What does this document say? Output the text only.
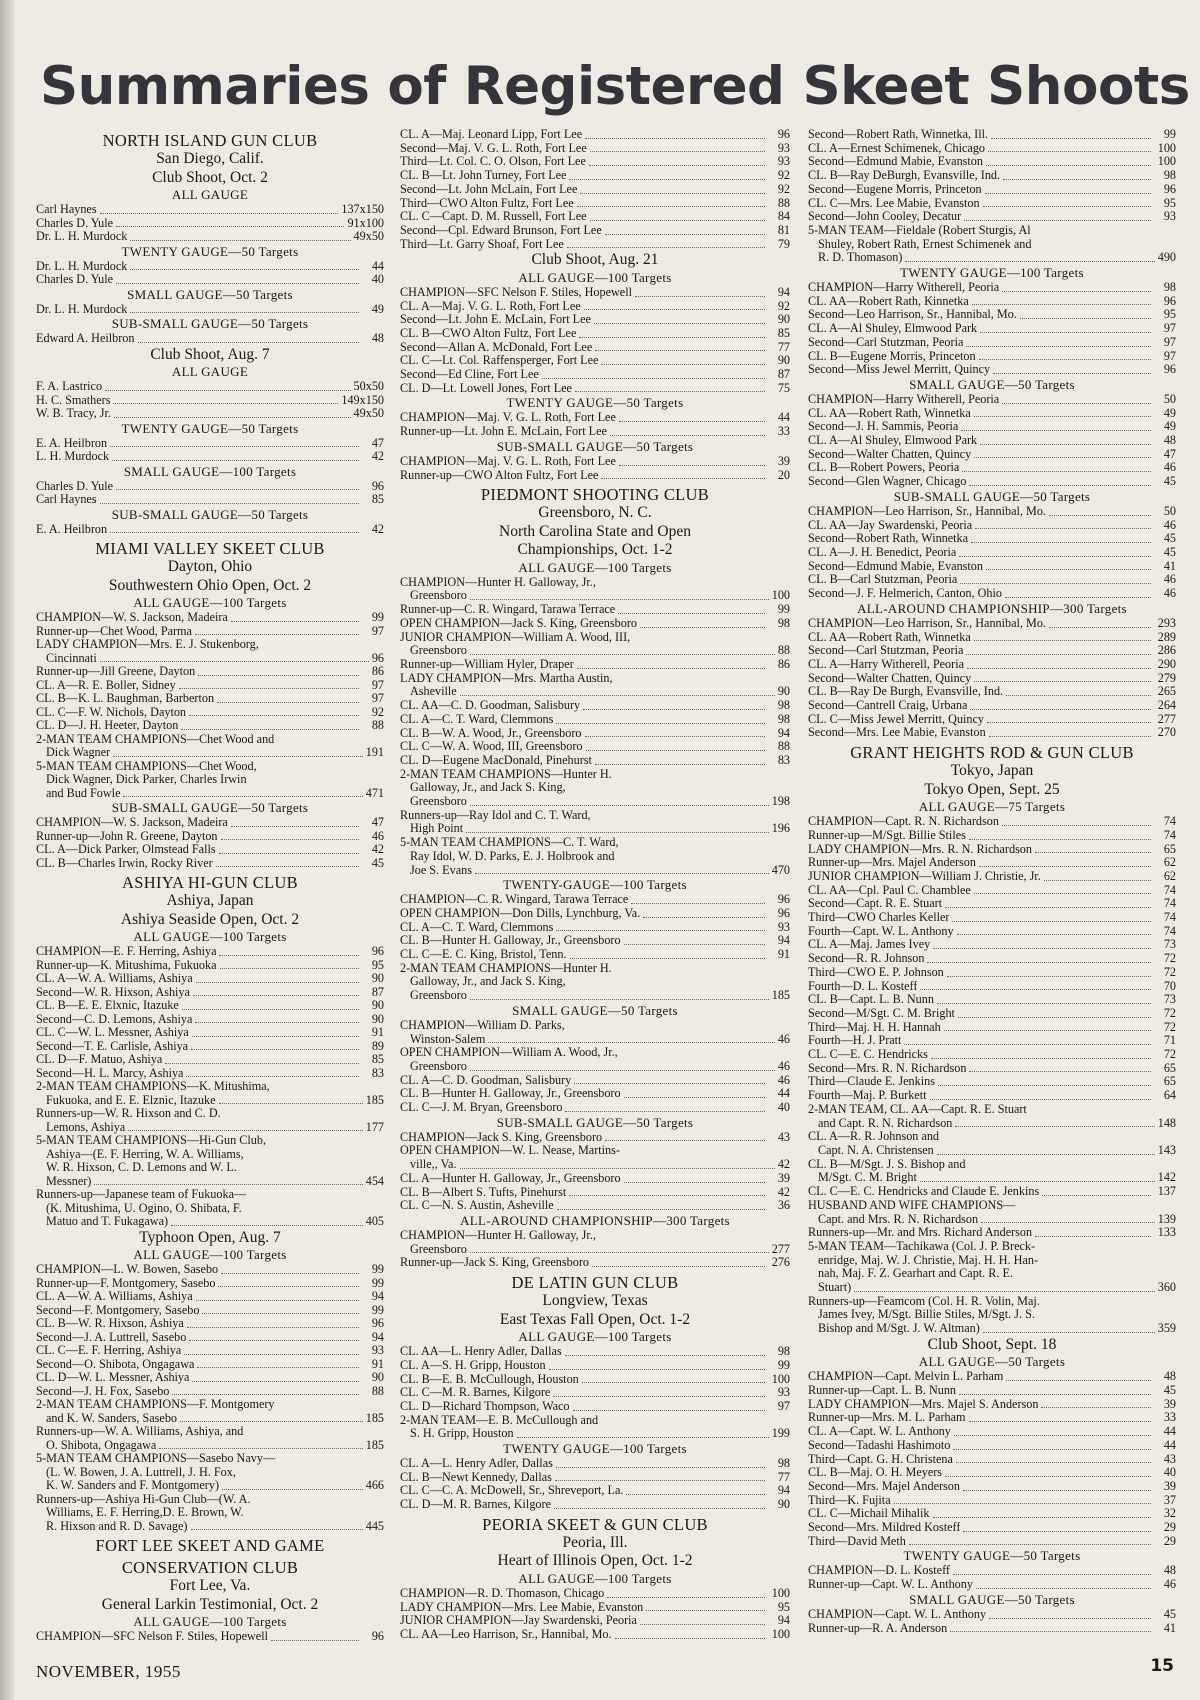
Summaries of Registered Skeet Shoots
NORTH ISLAND GUN CLUB
San Diego, Calif.
Club Shoot, Oct. 2
ALL GAUGE
Carl Haynes	137x150
Charles D. Yule	91x100
Dr. L. H. Murdock	49x50
TWENTY GAUGE—50 Targets
Dr. L. H. Murdock	44
Charles D. Yule	40
SMALL GAUGE—50 Targets
Dr. L. H. Murdock	49
SUB-SMALL GAUGE—50 Targets
Edward A. Heilbron	48
Club Shoot, Aug. 7
ALL GAUGE
F. A. Lastrico	50x50
H. C. Smathers	149x150
W. B. Tracy, Jr.	49x50
TWENTY GAUGE—50 Targets
E. A. Heilbron	47
L. H. Murdock	42
SMALL GAUGE—100 Targets
Charles D. Yule	96
Carl Haynes	85
SUB-SMALL GAUGE—50 Targets
E. A. Heilbron	42
MIAMI VALLEY SKEET CLUB
Dayton, Ohio
Southwestern Ohio Open, Oct. 2
ALL GAUGE—100 Targets
CHAMPION—W. S. Jackson, Madeira	99
Runner-up—Chet Wood, Parma	97
LADY CHAMPION—Mrs. E. J. Stukenborg,
Cincinnati	96
Runner-up—Jill Greene, Dayton	86
CL. A—R. E. Boller, Sidney	97
CL. B—K. L. Baughman, Barberton	97
CL. C—F. W. Nichols, Dayton	92
CL. D—J. H. Heeter, Dayton	88
2-MAN TEAM CHAMPIONS—Chet Wood and
Dick Wagner	191
5-MAN TEAM CHAMPIONS—Chet Wood,
Dick Wagner, Dick Parker, Charles Irwin
and Bud Fowle	471
SUB-SMALL GAUGE—50 Targets
CHAMPION—W. S. Jackson, Madeira	47
Runner-up—John R. Greene, Dayton	46
CL. A—Dick Parker, Olmstead Falls	42
CL. B—Charles Irwin, Rocky River	45
ASHIYA HI-GUN CLUB
Ashiya, Japan
Ashiya Seaside Open, Oct. 2
ALL GAUGE—100 Targets
CHAMPION—E. F. Herring, Ashiya	96
Runner-up—K. Mitushima, Fukuoka	95
CL. A—W. A. Williams, Ashiya	90
Second—W. R. Hixson, Ashiya	87
CL. B—E. E. Elxnic, Itazuke	90
Second—C. D. Lemons, Ashiya	90
CL. C—W. L. Messner, Ashiya	91
Second—T. E. Carlisle, Ashiya	89
CL. D—F. Matuo, Ashiya	85
Second—H. L. Marcy, Ashiya	83
2-MAN TEAM CHAMPIONS—K. Mitushima,
Fukuoka, and E. E. Elznic, Itazuke	185
Runners-up—W. R. Hixson and C. D.
Lemons, Ashiya	177
5-MAN TEAM CHAMPIONS—Hi-Gun Club,
Ashiya—(E. F. Herring, W. A. Williams,
W. R. Hixson, C. D. Lemons and W. L.
Messner)	454
Runners-up—Japanese team of Fukuoka—
(K. Mitushima, U. Ogino, O. Shibata, F.
Matuo and T. Fukagawa)	405
Typhoon Open, Aug. 7
ALL GAUGE—100 Targets
CHAMPION—L. W. Bowen, Sasebo	99
Runner-up—F. Montgomery, Sasebo	99
CL. A—W. A. Williams, Ashiya	94
Second—F. Montgomery, Sasebo	99
CL. B—W. R. Hixson, Ashiya	96
Second—J. A. Luttrell, Sasebo	94
CL. C—E. F. Herring, Ashiya	93
Second—O. Shibota, Ongagawa	91
CL. D—W. L. Messner, Ashiya	90
Second—J. H. Fox, Sasebo	88
2-MAN TEAM CHAMPIONS—F. Montgomery
and K. W. Sanders, Sasebo	185
Runners-up—W. A. Williams, Ashiya, and
O. Shibota, Ongagawa	185
5-MAN TEAM CHAMPIONS—Sasebo Navy—
(L. W. Bowen, J. A. Luttrell, J. H. Fox,
K. W. Sanders and F. Montgomery)	466
Runners-up—Ashiya Hi-Gun Club—(W. A.
Williams, E. F. Herring,D. E. Brown, W.
R. Hixson and R. D. Savage)	445
FORT LEE SKEET AND GAME
CONSERVATION CLUB
Fort Lee, Va.
General Larkin Testimonial, Oct. 2
ALL GAUGE—100 Targets
CHAMPION—SFC Nelson F. Stiles, Hopewell	96
CL. A—Maj. Leonard Lipp, Fort Lee	96
Second—Maj. V. G. L. Roth, Fort Lee	93
Third—Lt. Col. C. O. Olson, Fort Lee	93
CL. B—Lt. John Turney, Fort Lee	92
Second—Lt. John McLain, Fort Lee	92
Third—CWO Alton Fultz, Fort Lee	88
CL. C—Capt. D. M. Russell, Fort Lee	84
Second—Cpl. Edward Brunson, Fort Lee	81
Third—Lt. Garry Shoaf, Fort Lee	79
Club Shoot, Aug. 21
ALL GAUGE—100 Targets
CHAMPION—SFC Nelson F. Stiles, Hopewell	94
CL. A—Maj. V. G. L. Roth, Fort Lee	92
Second—Lt. John E. McLain, Fort Lee	90
CL. B—CWO Alton Fultz, Fort Lee	85
Second—Allan A. McDonald, Fort Lee	77
CL. C—Lt. Col. Raffensperger, Fort Lee	90
Second—Ed Cline, Fort Lee	87
CL. D—Lt. Lowell Jones, Fort Lee	75
TWENTY GAUGE—50 Targets
CHAMPION—Maj. V. G. L. Roth, Fort Lee	44
Runner-up—Lt. John E. McLain, Fort Lee	33
SUB-SMALL GAUGE—50 Targets
CHAMPION—Maj. V. G. L. Roth, Fort Lee	39
Runner-up—CWO Alton Fultz, Fort Lee	20
PIEDMONT SHOOTING CLUB
Greensboro, N. C.
North Carolina State and Open
Championships, Oct. 1-2
ALL GAUGE—100 Targets
CHAMPION—Hunter H. Galloway, Jr.,
Greensboro	100
Runner-up—C. R. Wingard, Tarawa Terrace	99
OPEN CHAMPION—Jack S. King, Greensboro	98
JUNIOR CHAMPION—William A. Wood, III,
Greensboro	88
Runner-up—William Hyler, Draper	86
LADY CHAMPION—Mrs. Martha Austin,
Asheville	90
CL. AA—C. D. Goodman, Salisbury	98
CL. A—C. T. Ward, Clemmons	98
CL. B—W. A. Wood, Jr., Greensboro	94
CL. C—W. A. Wood, III, Greensboro	88
CL. D—Eugene MacDonald, Pinehurst	83
2-MAN TEAM CHAMPIONS—Hunter H.
Galloway, Jr., and Jack S. King,
Greensboro	198
Runners-up—Ray Idol and C. T. Ward,
High Point	196
5-MAN TEAM CHAMPIONS—C. T. Ward,
Ray Idol, W. D. Parks, E. J. Holbrook and
Joe S. Evans	470
TWENTY-GAUGE—100 Targets
CHAMPION—C. R. Wingard, Tarawa Terrace	96
OPEN CHAMPION—Don Dills, Lynchburg, Va.	96
CL. A—C. T. Ward, Clemmons	93
CL. B—Hunter H. Galloway, Jr., Greensboro	94
CL. C—E. C. King, Bristol, Tenn.	91
2-MAN TEAM CHAMPIONS—Hunter H.
Galloway, Jr., and Jack S. King,
Greensboro	185
SMALL GAUGE—50 Targets
CHAMPION—William D. Parks,
Winston-Salem	46
OPEN CHAMPION—William A. Wood, Jr.,
Greensboro	46
CL. A—C. D. Goodman, Salisbury	46
CL. B—Hunter H. Galloway, Jr., Greensboro	44
CL. C—J. M. Bryan, Greensboro	40
SUB-SMALL GAUGE—50 Targets
CHAMPION—Jack S. King, Greensboro	43
OPEN CHAMPION—W. L. Nease, Martins-
ville,, Va.	42
CL. A—Hunter H. Galloway, Jr., Greensboro	39
CL. B—Albert S. Tufts, Pinehurst	42
CL. C—N. S. Austin, Asheville	36
ALL-AROUND CHAMPIONSHIP—300 Targets
CHAMPION—Hunter H. Galloway, Jr.,
Greensboro	277
Runner-up—Jack S. King, Greensboro	276
DE LATIN GUN CLUB
Longview, Texas
East Texas Fall Open, Oct. 1-2
ALL GAUGE—100 Targets
CL. AA—L. Henry Adler, Dallas	98
CL. A—S. H. Gripp, Houston	99
CL. B—E. B. McCullough, Houston	100
CL. C—M. R. Barnes, Kilgore	93
CL. D—Richard Thompson, Waco	97
2-MAN TEAM—E. B. McCullough and
S. H. Gripp, Houston	199
TWENTY GAUGE—100 Targets
CL. A—L. Henry Adler, Dallas	98
CL. B—Newt Kennedy, Dallas	77
CL. C—C. A. McDowell, Sr., Shreveport, La.	94
CL. D—M. R. Barnes, Kilgore	90
PEORIA SKEET & GUN CLUB
Peoria, Ill.
Heart of Illinois Open, Oct. 1-2
ALL GAUGE—100 Targets
CHAMPION—R. D. Thomason, Chicago	100
LADY CHAMPION—Mrs. Lee Mabie, Evanston	95
JUNIOR CHAMPION—Jay Swardenski, Peoria	94
CL. AA—Leo Harrison, Sr., Hannibal, Mo.	100
Second—Robert Rath, Winnetka, Ill.	99
CL. A—Ernest Schimenek, Chicago	100
Second—Edmund Mabie, Evanston	100
CL. B—Ray DeBurgh, Evansville, Ind.	98
Second—Eugene Morris, Princeton	96
CL. C—Mrs. Lee Mabie, Evanston	95
Second—John Cooley, Decatur	93
5-MAN TEAM—Fieldale (Robert Sturgis, Al
Shuley, Robert Rath, Ernest Schimenek and
R. D. Thomason)	490
TWENTY GAUGE—100 Targets
CHAMPION—Harry Witherell, Peoria	98
CL. AA—Robert Rath, Kinnetka	96
Second—Leo Harrison, Sr., Hannibal, Mo.	95
CL. A—Al Shuley, Elmwood Park	97
Second—Carl Stutzman, Peoria	97
CL. B—Eugene Morris, Princeton	97
Second—Miss Jewel Merritt, Quincy	96
SMALL GAUGE—50 Targets
CHAMPION—Harry Witherell, Peoria	50
CL. AA—Robert Rath, Winnetka	49
Second—J. H. Sammis, Peoria	49
CL. A—Al Shuley, Elmwood Park	48
Second—Walter Chatten, Quincy	47
CL. B—Robert Powers, Peoria	46
Second—Glen Wagner, Chicago	45
SUB-SMALL GAUGE—50 Targets
CHAMPION—Leo Harrison, Sr., Hannibal, Mo.	50
CL. AA—Jay Swardenski, Peoria	46
Second—Robert Rath, Winnetka	45
CL. A—J. H. Benedict, Peoria	45
Second—Edmund Mabie, Evanston	41
CL. B—Carl Stutzman, Peoria	46
Second—J. F. Helmerich, Canton, Ohio	46
ALL-AROUND CHAMPIONSHIP—300 Targets
CHAMPION—Leo Harrison, Sr., Hannibal, Mo.	293
CL. AA—Robert Rath, Winnetka	289
Second—Carl Stutzman, Peoria	286
CL. A—Harry Witherell, Peoria	290
Second—Walter Chatten, Quincy	279
CL. B—Ray De Burgh, Evansville, Ind.	265
Second—Cantrell Craig, Urbana	264
CL. C—Miss Jewel Merritt, Quincy	277
Second—Mrs. Lee Mabie, Evanston	270
GRANT HEIGHTS ROD & GUN CLUB
Tokyo, Japan
Tokyo Open, Sept. 25
ALL GAUGE—75 Targets
CHAMPION—Capt. R. N. Richardson	74
Runner-up—M/Sgt. Billie Stiles	74
LADY CHAMPION—Mrs. R. N. Richardson	65
Runner-up—Mrs. Majel Anderson	62
JUNIOR CHAMPION—William J. Christie, Jr.	62
CL. AA—Cpl. Paul C. Chamblee	74
Second—Capt. R. E. Stuart	74
Third—CWO Charles Keller	74
Fourth—Capt. W. L. Anthony	74
CL. A—Maj. James Ivey	73
Second—R. R. Johnson	72
Third—CWO E. P. Johnson	72
Fourth—D. L. Kosteff	70
CL. B—Capt. L. B. Nunn	73
Second—M/Sgt. C. M. Bright	72
Third—Maj. H. H. Hannah	72
Fourth—H. J. Pratt	71
CL. C—E. C. Hendricks	72
Second—Mrs. R. N. Richardson	65
Third—Claude E. Jenkins	65
Fourth—Maj. P. Burkett	64
2-MAN TEAM, CL. AA—Capt. R. E. Stuart
and Capt. R. N. Richardson	148
CL. A—R. R. Johnson and
Capt. N. A. Christensen	143
CL. B—M/Sgt. J. S. Bishop and
M/Sgt. C. M. Bright	142
CL. C—E. C. Hendricks and Claude E. Jenkins	137
HUSBAND AND WIFE CHAMPIONS—
Capt. and Mrs. R. N. Richardson	139
Runners-up—Mr. and Mrs. Richard Anderson	133
5-MAN TEAM—Tachikawa (Col. J. P. Breck-
enridge, Maj. W. J. Christie, Maj. H. H. Han-
nah, Maj. F. Z. Gearhart and Capt. R. E.
Stuart)	360
Runners-up—Feamcom (Col. H. R. Volin, Maj.
James Ivey, M/Sgt. Billie Stiles, M/Sgt. J. S.
Bishop and M/Sgt. J. W. Altman)	359
Club Shoot, Sept. 18
ALL GAUGE—50 Targets
CHAMPION—Capt. Melvin L. Parham	48
Runner-up—Capt. L. B. Nunn	45
LADY CHAMPION—Mrs. Majel S. Anderson	39
Runner-up—Mrs. M. L. Parham	33
CL. A—Capt. W. L. Anthony	44
Second—Tadashi Hashimoto	44
Third—Capt. G. H. Christena	43
CL. B—Maj. O. H. Meyers	40
Second—Mrs. Majel Anderson	39
Third—K. Fujita	37
CL. C—Michail Mihalik	32
Second—Mrs. Mildred Kosteff	29
Third—David Meth	29
TWENTY GAUGE—50 Targets
CHAMPION—D. L. Kosteff	48
Runner-up—Capt. W. L. Anthony	46
SMALL GAUGE—50 Targets
CHAMPION—Capt. W. L. Anthony	45
Runner-up—R. A. Anderson	41
NOVEMBER, 1955	15
